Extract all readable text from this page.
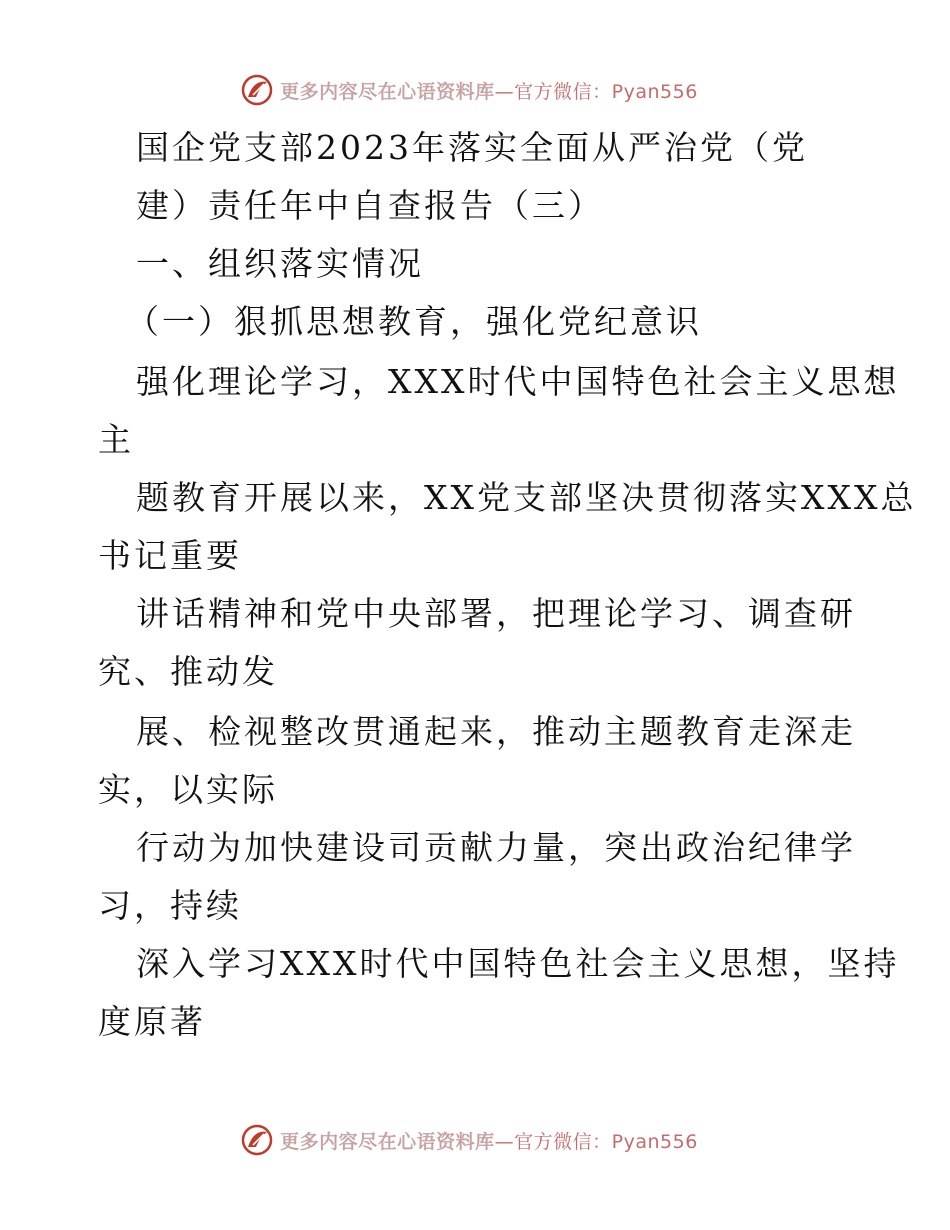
更多内容尽在心语资料库—官方微信：Pyan556
国企党支部2023年落实全面从严治党（党
建）责任年中自查报告（三）
一、组织落实情况
（一）狠抓思想教育，强化党纪意识
强化理论学习，XXX时代中国特色社会主义思想
主
题教育开展以来，XX党支部坚决贯彻落实XXX总
书记重要
讲话精神和党中央部署，把理论学习、调查研
究、推动发
展、检视整改贯通起来，推动主题教育走深走
实，以实际
行动为加快建设司贡献力量，突出政治纪律学
习，持续
深入学习XXX时代中国特色社会主义思想，坚持
度原著
更多内容尽在心语资料库—官方微信：Pyan556
